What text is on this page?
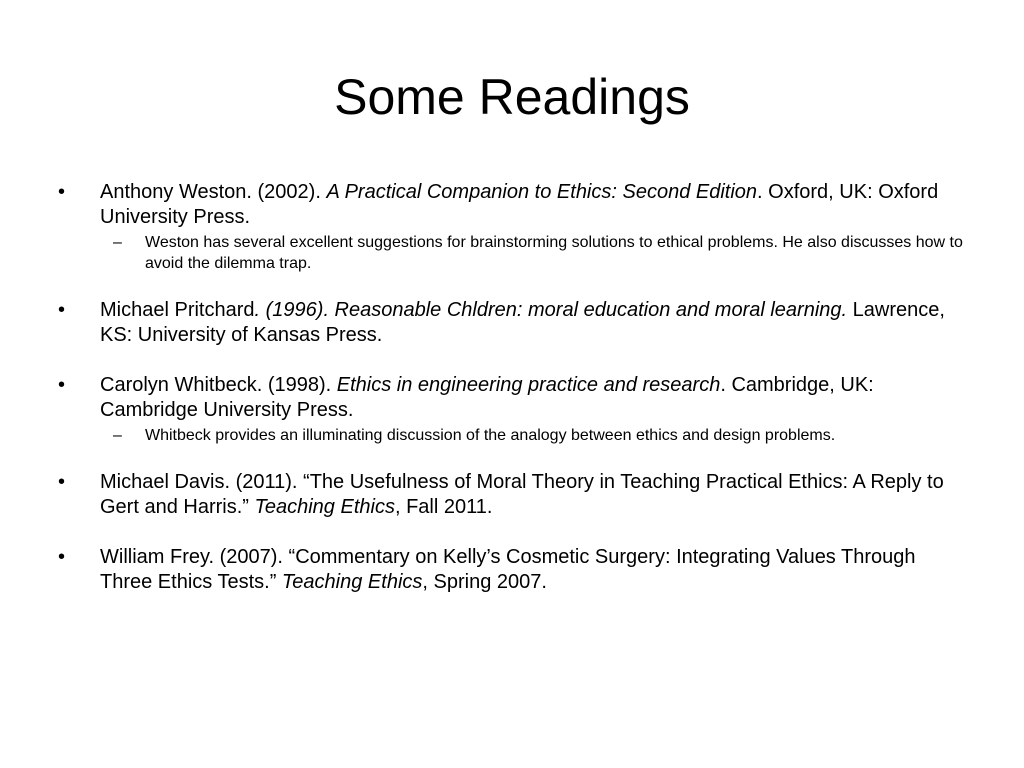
Some Readings
• Anthony Weston. (2002). A Practical Companion to Ethics: Second Edition. Oxford, UK: Oxford University Press.
– Weston has several excellent suggestions for brainstorming solutions to ethical problems. He also discusses how to avoid the dilemma trap.
• Michael Pritchard. (1996). Reasonable Chldren: moral education and moral learning. Lawrence, KS: University of Kansas Press.
• Carolyn Whitbeck. (1998). Ethics in engineering practice and research. Cambridge, UK: Cambridge University Press.
– Whitbeck provides an illuminating discussion of the analogy between ethics and design problems.
• Michael Davis. (2011). “The Usefulness of Moral Theory in Teaching Practical Ethics: A Reply to Gert and Harris.” Teaching Ethics, Fall 2011.
• William Frey. (2007). “Commentary on Kelly’s Cosmetic Surgery: Integrating Values Through Three Ethics Tests.” Teaching Ethics, Spring 2007.
